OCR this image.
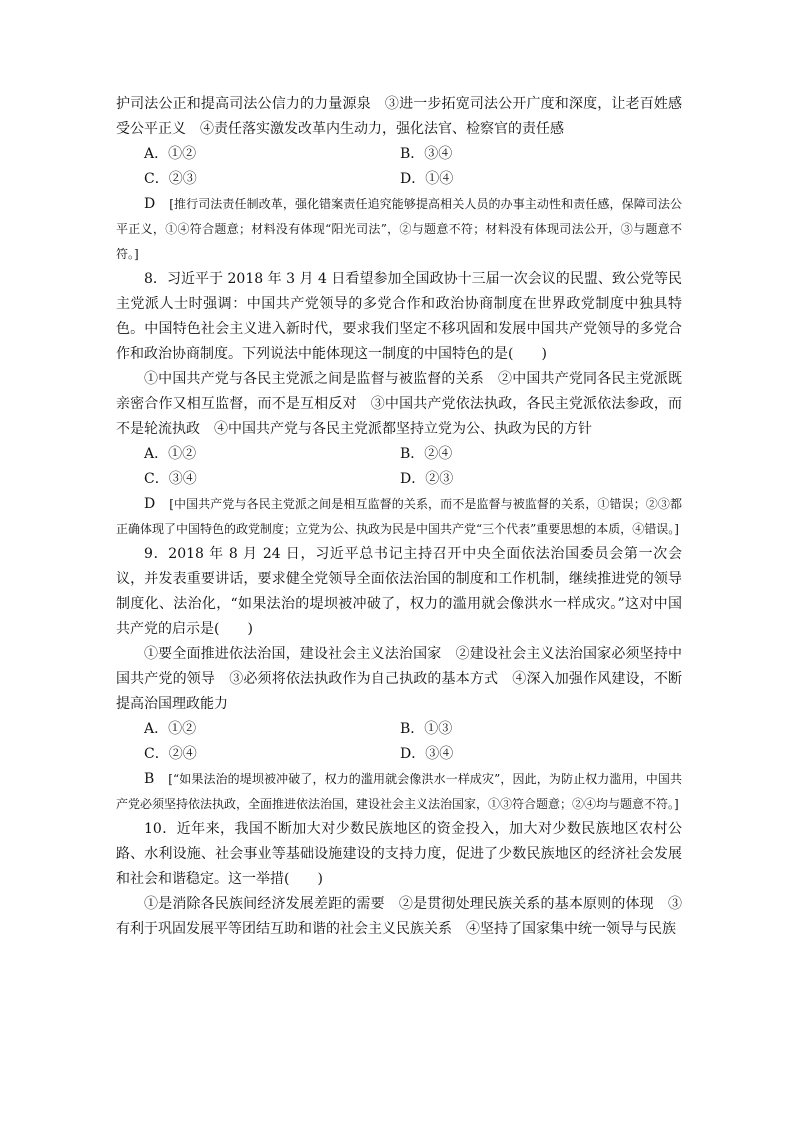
护司法公正和提高司法公信力的力量源泉　③进一步拓宽司法公开广度和深度，让老百姓感受公平正义　④责任落实激发改革内生动力，强化法官、检察官的责任感

A．①②	B．③④
C．②③	D．①④

D [推行司法责任制改革，强化错案责任追究能够提高相关人员的办事主动性和责任感，保障司法公平正义，①④符合题意；材料没有体现“阳光司法”，②与题意不符；材料没有体现司法公开，③与题意不符。]

8．习近平于 2018 年 3 月 4 日看望参加全国政协十三届一次会议的民盟、致公党等民主党派人士时强调：中国共产党领导的多党合作和政治协商制度在世界政党制度中独具特色。中国特色社会主义进入新时代，要求我们坚定不移巩固和发展中国共产党领导的多党合作和政治协商制度。下列说法中能体现这一制度的中国特色的是(　　)

①中国共产党与各民主党派之间是监督与被监督的关系　②中国共产党同各民主党派既亲密合作又相互监督，而不是互相反对　③中国共产党依法执政，各民主党派依法参政，而不是轮流执政　④中国共产党与各民主党派都坚持立党为公、执政为民的方针

A．①②	B．②④
C．③④	D．②③

D [中国共产党与各民主党派之间是相互监督的关系，而不是监督与被监督的关系，①错误；②③都正确体现了中国特色的政党制度；立党为公、执政为民是中国共产党“三个代表”重要思想的本质，④错误。]

9．2018 年 8 月 24 日，习近平总书记主持召开中央全面依法治国委员会第一次会议，并发表重要讲话，要求健全党领导全面依法治国的制度和工作机制，继续推进党的领导制度化、法治化，“如果法治的堤坝被冲破了，权力的滥用就会像洪水一样成灾。”这对中国共产党的启示是(　　)

①要全面推进依法治国，建设社会主义法治国家　②建设社会主义法治国家必须坚持中国共产党的领导　③必须将依法执政作为自己执政的基本方式　④深入加强作风建设，不断提高治国理政能力

A．①②	B．①③
C．②④	D．③④

B [“如果法治的堤坝被冲破了，权力的滥用就会像洪水一样成灾”，因此，为防止权力滥用，中国共产党必须坚持依法执政，全面推进依法治国，建设社会主义法治国家，①③符合题意；②④均与题意不符。]

10．近年来，我国不断加大对少数民族地区的资金投入，加大对少数民族地区农村公路、水利设施、社会事业等基础设施建设的支持力度，促进了少数民族地区的经济社会发展和社会和谐稳定。这一举措(　　)

①是消除各民族间经济发展差距的需要　②是贯彻处理民族关系的基本原则的体现　③有利于巩固发展平等团结互助和谐的社会主义民族关系　④坚持了国家集中统一领导与民族
